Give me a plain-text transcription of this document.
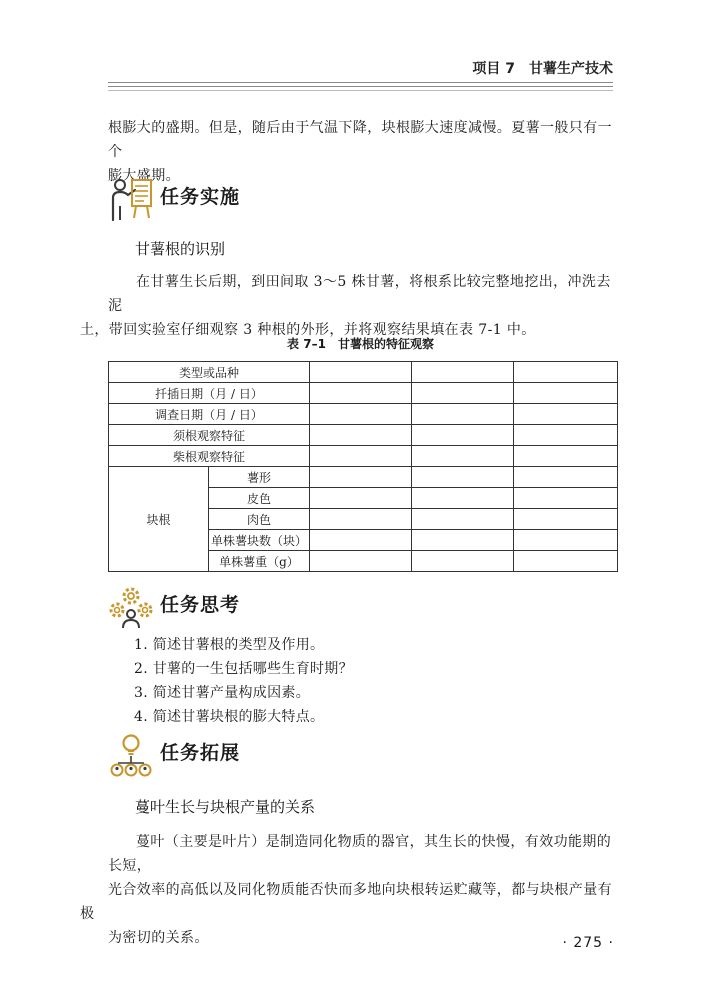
项目 7 甘薯生产技术
根膨大的盛期。但是，随后由于气温下降，块根膨大速度减慢。夏薯一般只有一个
膨大盛期。
任务实施
甘薯根的识别
在甘薯生长后期，到田间取 3～5 株甘薯，将根系比较完整地挖出，冲洗去泥
土，带回实验室仔细观察 3 种根的外形，并将观察结果填在表 7-1 中。
表 7–1 甘薯根的特征观察
类型或品种				
扦插日期（月 / 日）				
调查日期（月 / 日）				
须根观察特征				
柴根观察特征				
块根	薯形			
	皮色			
	肉色			
	单株薯块数（块）			
	单株薯重（g）			
任务思考
1. 简述甘薯根的类型及作用。
2. 甘薯的一生包括哪些生育时期？
3. 简述甘薯产量构成因素。
4. 简述甘薯块根的膨大特点。
任务拓展
蔓叶生长与块根产量的关系
蔓叶（主要是叶片）是制造同化物质的器官，其生长的快慢，有效功能期的长短，
光合效率的高低以及同化物质能否快而多地向块根转运贮藏等，都与块根产量有极
为密切的关系。	· 275 ·
